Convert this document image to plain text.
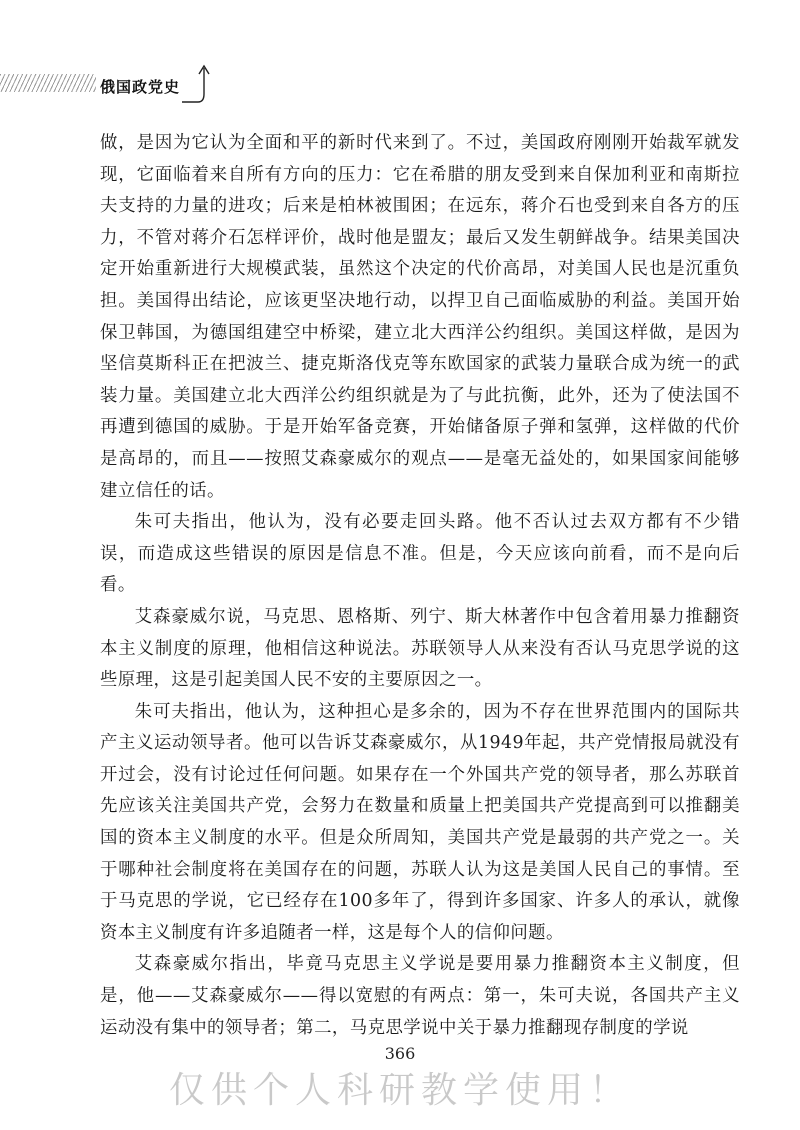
俄国政党史

做，是因为它认为全面和平的新时代来到了。不过，美国政府刚刚开始裁军就发现，它面临着来自所有方向的压力：它在希腊的朋友受到来自保加利亚和南斯拉夫支持的力量的进攻；后来是柏林被围困；在远东，蒋介石也受到来自各方的压力，不管对蒋介石怎样评价，战时他是盟友；最后又发生朝鲜战争。结果美国决定开始重新进行大规模武装，虽然这个决定的代价高昂，对美国人民也是沉重负担。美国得出结论，应该更坚决地行动，以捍卫自己面临威胁的利益。美国开始保卫韩国，为德国组建空中桥梁，建立北大西洋公约组织。美国这样做，是因为坚信莫斯科正在把波兰、捷克斯洛伐克等东欧国家的武装力量联合成为统一的武装力量。美国建立北大西洋公约组织就是为了与此抗衡，此外，还为了使法国不再遭到德国的威胁。于是开始军备竞赛，开始储备原子弹和氢弹，这样做的代价是高昂的，而且——按照艾森豪威尔的观点——是毫无益处的，如果国家间能够建立信任的话。

朱可夫指出，他认为，没有必要走回头路。他不否认过去双方都有不少错误，而造成这些错误的原因是信息不准。但是，今天应该向前看，而不是向后看。

艾森豪威尔说，马克思、恩格斯、列宁、斯大林著作中包含着用暴力推翻资本主义制度的原理，他相信这种说法。苏联领导人从来没有否认马克思学说的这些原理，这是引起美国人民不安的主要原因之一。

朱可夫指出，他认为，这种担心是多余的，因为不存在世界范围内的国际共产主义运动领导者。他可以告诉艾森豪威尔，从1949年起，共产党情报局就没有开过会，没有讨论过任何问题。如果存在一个外国共产党的领导者，那么苏联首先应该关注美国共产党，会努力在数量和质量上把美国共产党提高到可以推翻美国的资本主义制度的水平。但是众所周知，美国共产党是最弱的共产党之一。关于哪种社会制度将在美国存在的问题，苏联人认为这是美国人民自己的事情。至于马克思的学说，它已经存在100多年了，得到许多国家、许多人的承认，就像资本主义制度有许多追随者一样，这是每个人的信仰问题。

艾森豪威尔指出，毕竟马克思主义学说是要用暴力推翻资本主义制度，但是，他——艾森豪威尔——得以宽慰的有两点：第一，朱可夫说，各国共产主义运动没有集中的领导者；第二，马克思学说中关于暴力推翻现存制度的学说

366
仅供个人科研教学使用！
